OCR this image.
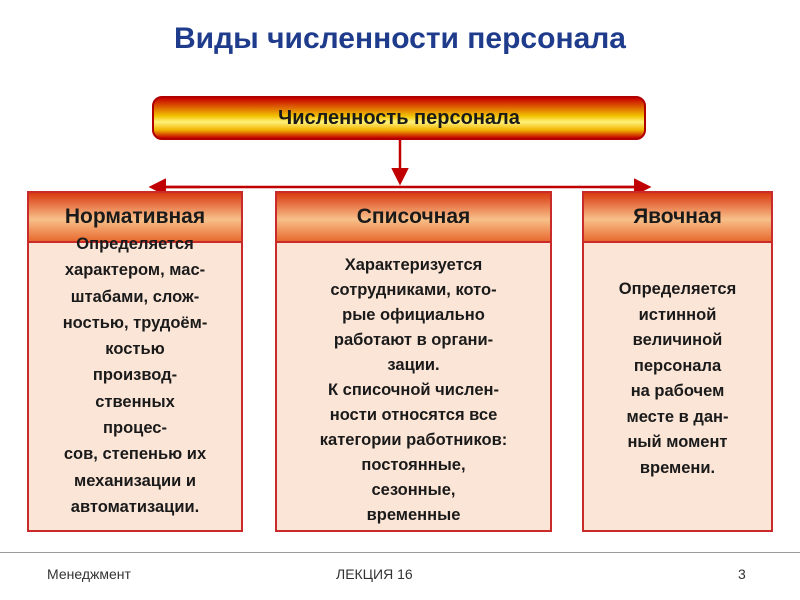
Виды численности персонала
Численность персонала
Нормативная
Определяется
характером, мас-
штабами, слож-
ностью, трудоём-
костью
производ-
ственных
процес-
сов, степенью их
механизации и
автоматизации.
Списочная
Характеризуется
сотрудниками, кото-
рые официально
работают в органи-
зации.
К списочной числен-
ности относятся все
категории работников:
постоянные,
сезонные,
временные
Явочная
Определяется
истинной
величиной
персонала
на рабочем
месте в дан-
ный момент
времени.
Менеджмент	ЛЕКЦИЯ 16	3
